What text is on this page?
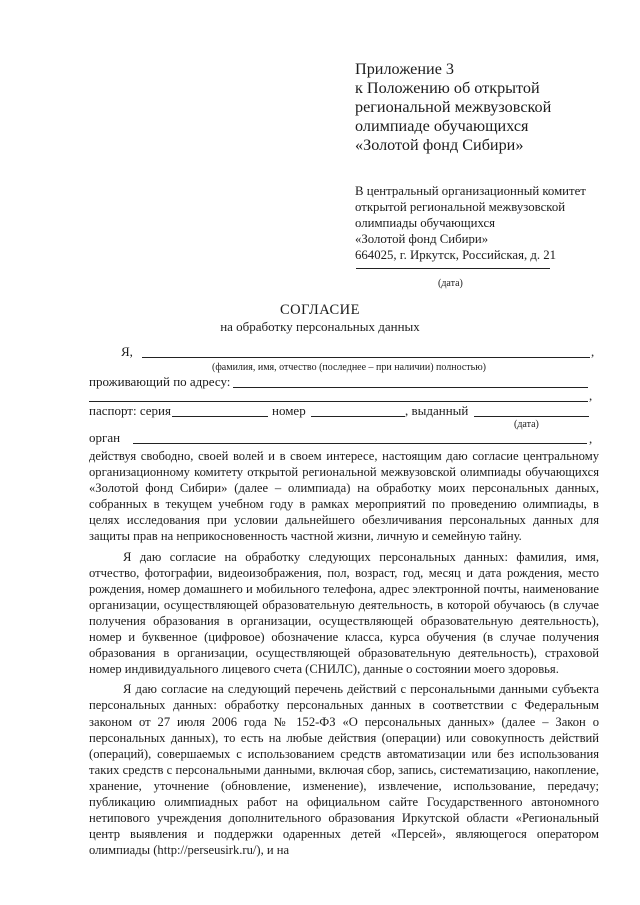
Приложение 3
к Положению об открытой
региональной межвузовской
олимпиаде обучающихся
«Золотой фонд Сибири»
В центральный организационный комитет
открытой региональной межвузовской
олимпиады обучающихся
«Золотой фонд Сибири»
664025, г. Иркутск, Российская, д. 21
(дата)
СОГЛАСИЕ
на обработку персональных данных
Я,	,
(фамилия, имя, отчество (последнее – при наличии) полностью)
проживающий по адресу:
,
паспорт: серия	номер	, выданный
(дата)
орган	,

действуя свободно, своей волей и в своем интересе, настоящим даю согласие центральному организационному комитету открытой региональной межвузовской олимпиады обучающихся «Золотой фонд Сибири» (далее – олимпиада) на обработку моих персональных данных, собранных в текущем учебном году в рамках мероприятий по проведению олимпиады, в целях исследования при условии дальнейшего обезличивания персональных данных для защиты прав на неприкосновенность частной жизни, личную и семейную тайну.

Я даю согласие на обработку следующих персональных данных: фамилия, имя, отчество, фотографии, видеоизображения, пол, возраст, год, месяц и дата рождения, место рождения, номер домашнего и мобильного телефона, адрес электронной почты, наименование организации, осуществляющей образовательную деятельность, в которой обучаюсь (в случае получения образования в организации, осуществляющей образовательную деятельность), номер и буквенное (цифровое) обозначение класса, курса обучения (в случае получения образования в организации, осуществляющей образовательную деятельность), страховой номер индивидуального лицевого счета (СНИЛС), данные о состоянии моего здоровья.

Я даю согласие на следующий перечень действий с персональными данными субъекта персональных данных: обработку персональных данных в соответствии с Федеральным законом от 27 июля 2006 года № 152-ФЗ «О персональных данных» (далее – Закон о персональных данных), то есть на любые действия (операции) или совокупность действий (операций), совершаемых с использованием средств автоматизации или без использования таких средств с персональными данными, включая сбор, запись, систематизацию, накопление, хранение, уточнение (обновление, изменение), извлечение, использование, передачу; публикацию олимпиадных работ на официальном сайте Государственного автономного нетипового учреждения дополнительного образования Иркутской области «Региональный центр выявления и поддержки одаренных детей «Персей», являющегося оператором олимпиады (http://perseusirk.ru/), и на
